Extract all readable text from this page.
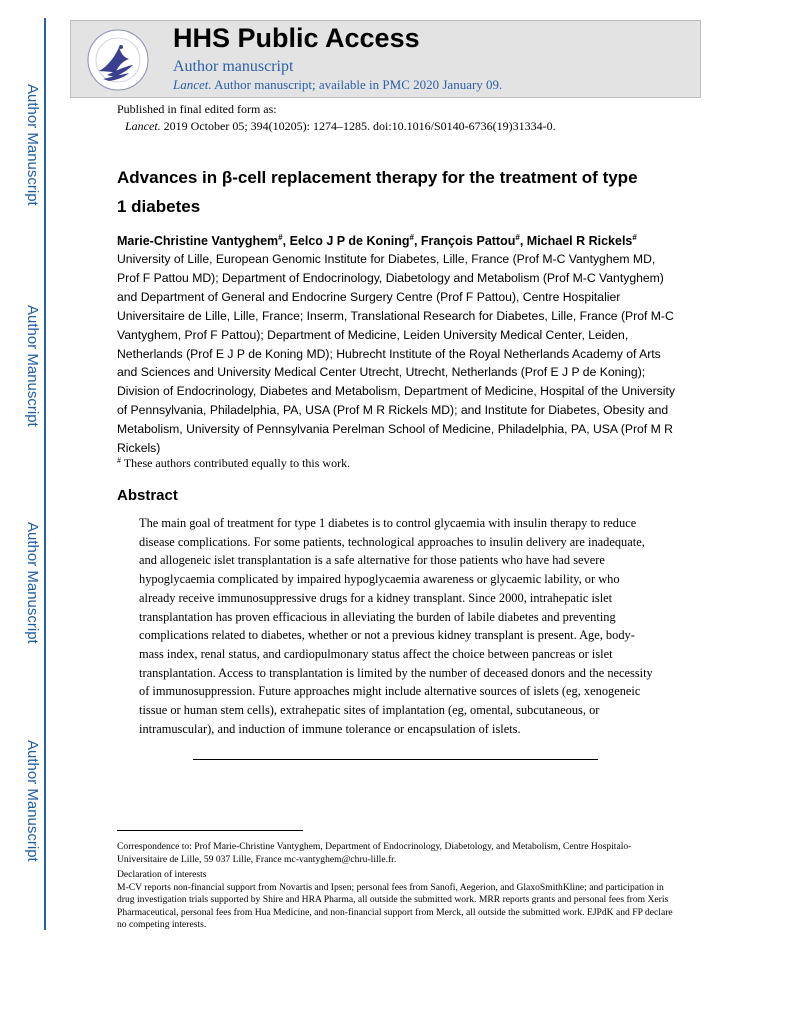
Author Manuscript
Author Manuscript
Author Manuscript
Author Manuscript
HHS Public Access
Author manuscript
Lancet. Author manuscript; available in PMC 2020 January 09.
Published in final edited form as:
Lancet. 2019 October 05; 394(10205): 1274–1285. doi:10.1016/S0140-6736(19)31334-0.
Advances in β-cell replacement therapy for the treatment of type
1 diabetes
Marie-Christine Vantyghem#, Eelco J P de Koning#, François Pattou#, Michael R Rickels#
University of Lille, European Genomic Institute for Diabetes, Lille, France (Prof M-C Vantyghem MD, Prof F Pattou MD); Department of Endocrinology, Diabetology and Metabolism (Prof M-C Vantyghem) and Department of General and Endocrine Surgery Centre (Prof F Pattou), Centre Hospitalier Universitaire de Lille, Lille, France; Inserm, Translational Research for Diabetes, Lille, France (Prof M-C Vantyghem, Prof F Pattou); Department of Medicine, Leiden University Medical Center, Leiden, Netherlands (Prof E J P de Koning MD); Hubrecht Institute of the Royal Netherlands Academy of Arts and Sciences and University Medical Center Utrecht, Utrecht, Netherlands (Prof E J P de Koning); Division of Endocrinology, Diabetes and Metabolism, Department of Medicine, Hospital of the University of Pennsylvania, Philadelphia, PA, USA (Prof M R Rickels MD); and Institute for Diabetes, Obesity and Metabolism, University of Pennsylvania Perelman School of Medicine, Philadelphia, PA, USA (Prof M R Rickels)
# These authors contributed equally to this work.
Abstract
The main goal of treatment for type 1 diabetes is to control glycaemia with insulin therapy to reduce disease complications. For some patients, technological approaches to insulin delivery are inadequate, and allogeneic islet transplantation is a safe alternative for those patients who have had severe hypoglycaemia complicated by impaired hypoglycaemia awareness or glycaemic lability, or who already receive immunosuppressive drugs for a kidney transplant. Since 2000, intrahepatic islet transplantation has proven efficacious in alleviating the burden of labile diabetes and preventing complications related to diabetes, whether or not a previous kidney transplant is present. Age, body-mass index, renal status, and cardiopulmonary status affect the choice between pancreas or islet transplantation. Access to transplantation is limited by the number of deceased donors and the necessity of immunosuppression. Future approaches might include alternative sources of islets (eg, xenogeneic tissue or human stem cells), extrahepatic sites of implantation (eg, omental, subcutaneous, or intramuscular), and induction of immune tolerance or encapsulation of islets.

Correspondence to: Prof Marie-Christine Vantyghem, Department of Endocrinology, Diabetology, and Metabolism, Centre Hospitalo-Universitaire de Lille, 59 037 Lille, France mc-vantyghem@chru-lille.fr.

Declaration of interests

M-CV reports non-financial support from Novartis and Ipsen; personal fees from Sanofi, Aegerion, and GlaxoSmithKline; and participation in drug investigation trials supported by Shire and HRA Pharma, all outside the submitted work. MRR reports grants and personal fees from Xeris Pharmaceutical, personal fees from Hua Medicine, and non-financial support from Merck, all outside the submitted work. EJPdK and FP declare no competing interests.
